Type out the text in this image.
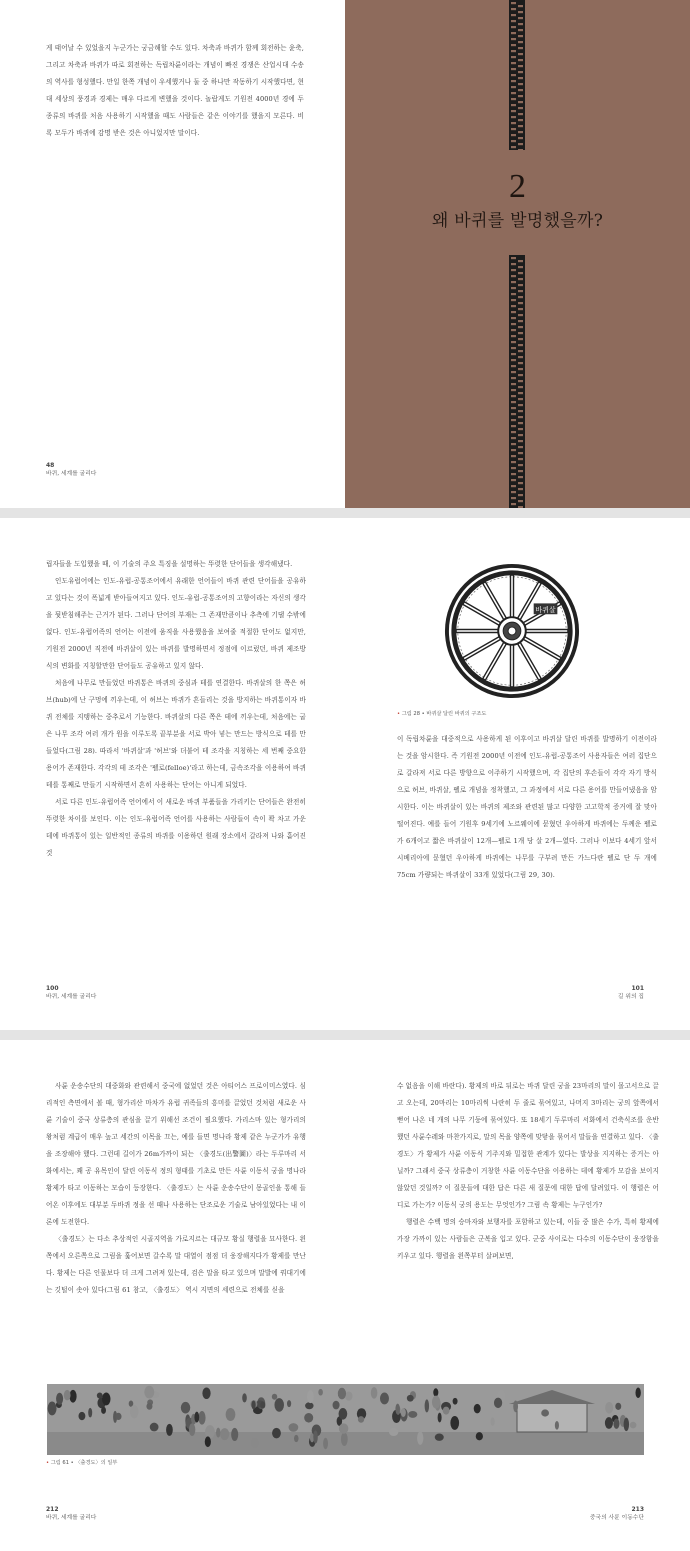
게 태어날 수 있었을지 누군가는 궁금해할 수도 있다. 차축과 바퀴가 함께 회전하는 윤축, 그리고 차축과 바퀴가 따로 회전하는 독립차륜이라는 개념이 빠진 경쟁은 산업시대 수송의 역사를 형성했다. 만일 한쪽 개념이 우세했거나 둘 중 하나만 작동하기 시작했다면, 현대 세상의 풍경과 경제는 매우 다르게 변했을 것이다. 놀랍게도 기원전 4000년 경에 두 종류의 바퀴를 처음 사용하기 시작했을 때도 사람들은 같은 이야기를 했을지 모른다. 비록 모두가 바퀴에 감명 받은 것은 아니었지만 말이다.

48
바퀴, 세계를 굴리다
2
왜 바퀴를 발명했을까?

립자들을 도입했을 때, 이 기술의 주요 특징을 설명하는 뚜렷한 단어들을 생각해냈다.

인도유럽어에는 인도-유럽-공통조어에서 유래한 언어들이 바퀴 관련 단어들을 공유하고 있다는 것이 폭넓게 받아들여지고 있다. 인도-유럽-공통조어의 고향이라는 자신의 생각을 뒷받침해주는 근거가 된다. 그러나 단어의 부재는 그 존재만큼이나 추측에 기댈 수밖에 없다. 인도-유럽어족의 언어는 이전에 움직을 사용했음을 보여줄 적절한 단어도 없지만, 기원전 2000년 직전에 바퀴살이 있는 바퀴를 발명하면서 정점에 이르렀던, 바퀴 제조방식의 변화를 지칭할만한 단어들도 공유하고 있지 않다.

처음에 나무로 만들었던 바퀴통은 바퀴의 중심과 테를 연결한다. 바퀴살의 한 쪽은 허브(hub)에 난 구멍에 끼우는데, 이 허브는 바퀴가 흔들리는 것을 방지하는 바퀴통이자 바퀴 전체를 지탱하는 중추로서 기능한다. 바퀴살의 다른 쪽은 테에 끼우는데, 처음에는 굽은 나무 조각 여러 개가 원을 이루도록 끝부분을 서로 박아 넣는 만드는 방식으로 테를 만들었다(그림 28). 따라서 '바퀴살'과 '허브'와 더불어 테 조각을 지칭하는 세 번째 중요한 용어가 존재한다. 각각의 테 조각은 '펠로(felloe)'라고 하는데, 금속조각을 이용하여 바퀴테를 통째로 만들기 시작하면서 흔히 사용하는 단어는 아니게 되었다.

서로 다른 인도-유럽어족 언어에서 이 새로운 바퀴 부품들을 가리키는 단어들은 완전히 뚜렷한 차이를 보인다. 이는 인도-유럽어족 언어를 사용하는 사람들이 속이 꽉 차고 가운데에 바퀴통이 있는 일반적인 종류의 바퀴를 이용하던 원래 장소에서 갈라져 나와 흩어진 것

100
바퀴, 세계를 굴리다
• 그림 28 • 바퀴살 달린 바퀴의 구조도

이 독립차륜을 대중적으로 사용하게 된 이후이고 바퀴살 달린 바퀴를 발명하기 이전이라는 것을 암시한다. 즉 기원전 2000년 이전에 인도-유럽-공통조어 사용자들은 여러 집단으로 갈라져 서로 다른 방향으로 이주하기 시작했으며, 각 집단의 후손들이 각각 자기 방식으로 허브, 바퀴살, 펠로 개념을 정착했고, 그 과정에서 서로 다른 용어를 만들어냈음을 암시한다. 이는 바퀴살이 있는 바퀴의 제조와 관련된 많고 다양한 고고학적 증거에 잘 맞아 떨어진다. 예를 들어 기원후 9세기에 노르웨이에 묻혔던 우아하게 바퀴에는 두께운 펠로가 6개이고 짧은 바퀴살이 12개—펠로 1개 당 살 2개—였다. 그러나 이보다 4세기 앞서 시베리아에 묻혔던 우아하게 바퀴에는 나무를 구부려 만든 가느다란 펠로 단 두 개에 75cm 가량되는 바퀴살이 33개 있었다(그림 29, 30).

101
길 위의 집
바퀴살

사륜 운송수단의 대중화와 관련해서 중국에 없었던 것은 아티어스 프로이미스였다. 심리적인 측면에서 볼 때, 형가리산 마차가 유럽 귀족들의 흥미를 끌었던 것처럼 새로운 사륜 기술이 중국 상류층의 관심을 끌기 위해선 조건이 필요했다. 가리스마 있는 형가리의 왕처럼 계급이 매우 높고 세간의 이목을 끄는, 예를 들면 명나라 황제 같은 누군가가 유행을 조장해야 했다. 그런데 길이가 26m가까이 되는 〈출경도(出警圖)〉라는 두루마리 서화에서는, 꽤 공 유목인이 달린 이동식 정의 형태를 기초로 만든 사륜 이동식 궁을 명나라 황제가 타고 이동하는 모습이 등장한다. 〈출경도〉는 사륜 운송수단이 몽골인을 통해 들어온 이후에도 대부분 두바퀴 정을 선 때나 사용하는 단조로운 기술로 남아있었다는 내 이론에 도전한다.

〈출경도〉는 다소 추상적인 시골지역을 가로지르는 대규모 황실 행렬을 묘사한다. 왼쪽에서 오른쪽으로 그림을 훑어보면 갈수록 말 대열이 점점 더 웅장해지다가 황제를 만난다. 황제는 다른 인물보다 더 크게 그려져 있는데, 검은 말을 타고 있으며 말발에 꿔대기에는 깃털이 솟아 있다(그림 61 참고, 〈출경도〉 역시 지면의 세련으로 전체를 싣을

• 그림 61 • 〈출경도〉의 일부
212
바퀴, 세계를 굴리다

수 없음을 이해 바란다). 황제의 바로 뒤로는 바퀴 달린 궁을 23마리의 말이 몰고서으로 끌고 오는데, 20마리는 10마리씩 나란히 두 줄로 묶여있고, 나머지 3마리는 궁의 앞쪽에서 뻗어 나온 네 개의 나무 기둥에 묶여있다. 또 18세기 두루마리 서화에서 건축식조를 운반했던 사륜수레와 마찬가지로, 말의 목을 양쪽에 맞닿을 묶어서 말들을 연결하고 있다. 〈출경도〉가 황제가 사륜 이동식 기주지와 밀접한 관계가 있다는 발상을 지지하는 증거는 아닐까? 그래서 중국 상류층이 거창한 사륜 이동수단을 이용하는 데에 황제가 모감을 보이지 않았던 것일까? 이 질문들에 대한 답은 다른 새 질문에 대한 답에 달려있다. 이 행렬은 어디로 가는가? 이동식 궁의 용도는 무엇인가? 그림 속 황제는 누구인가?

행렬은 수백 명의 승마자와 보행자를 포함하고 있는데, 이들 중 많은 수가, 특히 황제에 가장 가까이 있는 사람들은 군복을 입고 있다. 군중 사이로는 다수의 이동수단이 웅장함을 키우고 있다. 행렬을 왼쪽부터 살펴보면,

213
중국의 사륜 이동수단
